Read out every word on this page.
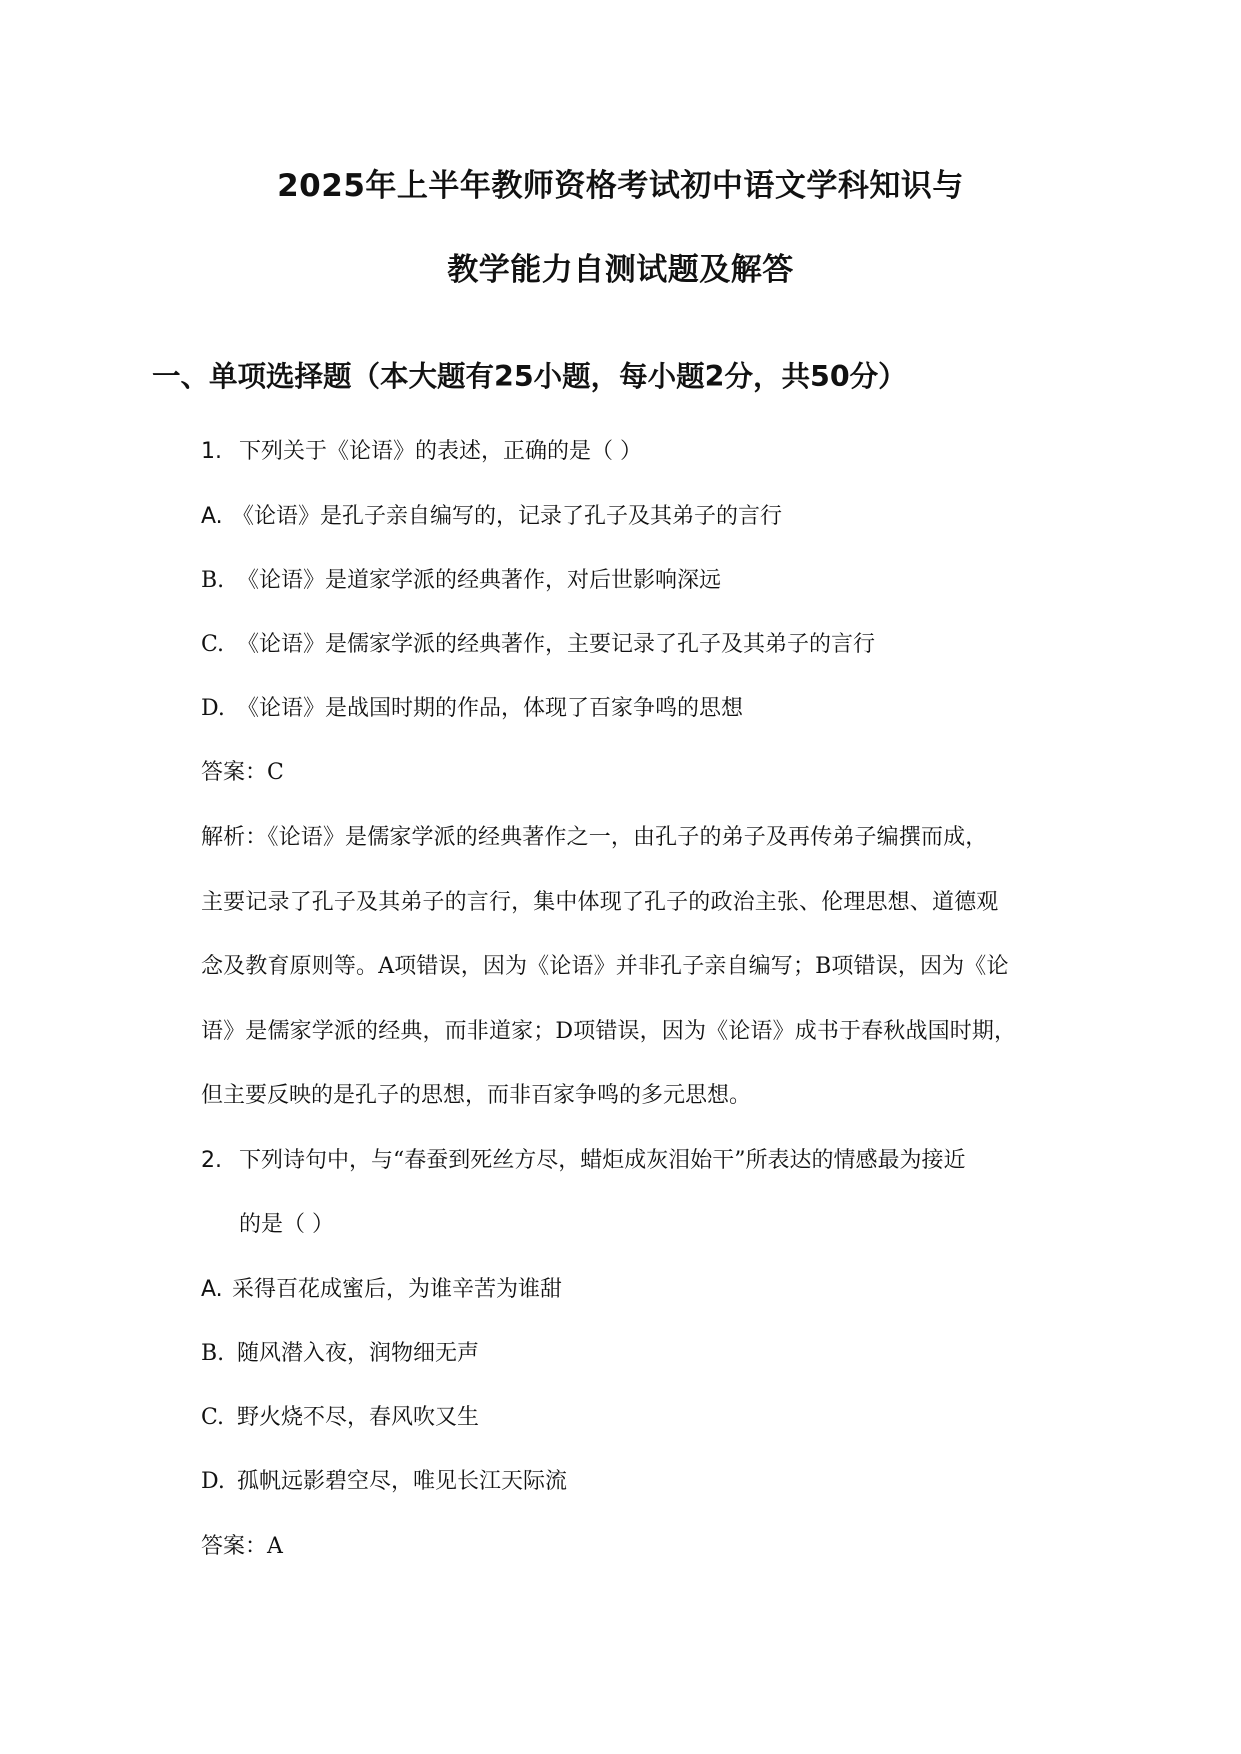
2025年上半年教师资格考试初中语文学科知识与
教学能力自测试题及解答
一、单项选择题（本大题有25小题，每小题2分，共50分）
1. 下列关于《论语》的表述，正确的是（ ）
A. 《论语》是孔子亲自编写的，记录了孔子及其弟子的言行
B. 《论语》是道家学派的经典著作，对后世影响深远
C. 《论语》是儒家学派的经典著作，主要记录了孔子及其弟子的言行
D. 《论语》是战国时期的作品，体现了百家争鸣的思想
答案：C
解析：《论语》是儒家学派的经典著作之一，由孔子的弟子及再传弟子编撰而成，
主要记录了孔子及其弟子的言行，集中体现了孔子的政治主张、伦理思想、道德观
念及教育原则等。A项错误，因为《论语》并非孔子亲自编写；B项错误，因为《论
语》是儒家学派的经典，而非道家；D项错误，因为《论语》成书于春秋战国时期，
但主要反映的是孔子的思想，而非百家争鸣的多元思想。
2. 下列诗句中，与“春蚕到死丝方尽，蜡炬成灰泪始干”所表达的情感最为接近
的是（ ）
A. 采得百花成蜜后，为谁辛苦为谁甜
B. 随风潜入夜，润物细无声
C. 野火烧不尽，春风吹又生
D. 孤帆远影碧空尽，唯见长江天际流
答案：A
